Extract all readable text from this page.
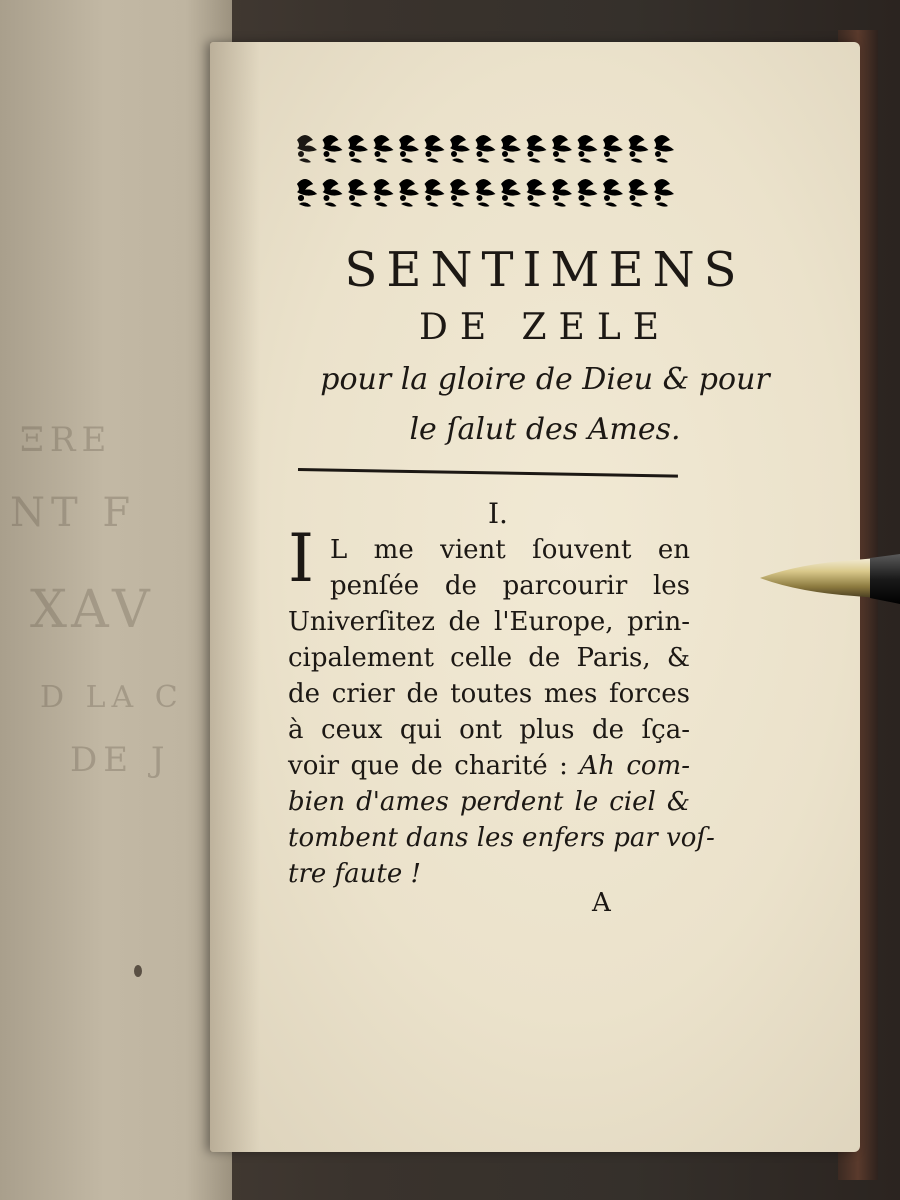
ΞRE
NT F
XAV
D LA C
DE J
SENTIMENS
DE ZELE
pour la gloire de Dieu & pour
le ſalut des Ames.
I.
I L me vient ſouvent en
penſée de parcourir les
Univerſitez de l'Europe, prin-
cipalement celle de Paris, &
de crier de toutes mes forces
à ceux qui ont plus de ſça-
voir que de charité : Ah com-
bien d'ames perdent le ciel &
tombent dans les enfers par voſ-
tre faute !

A
